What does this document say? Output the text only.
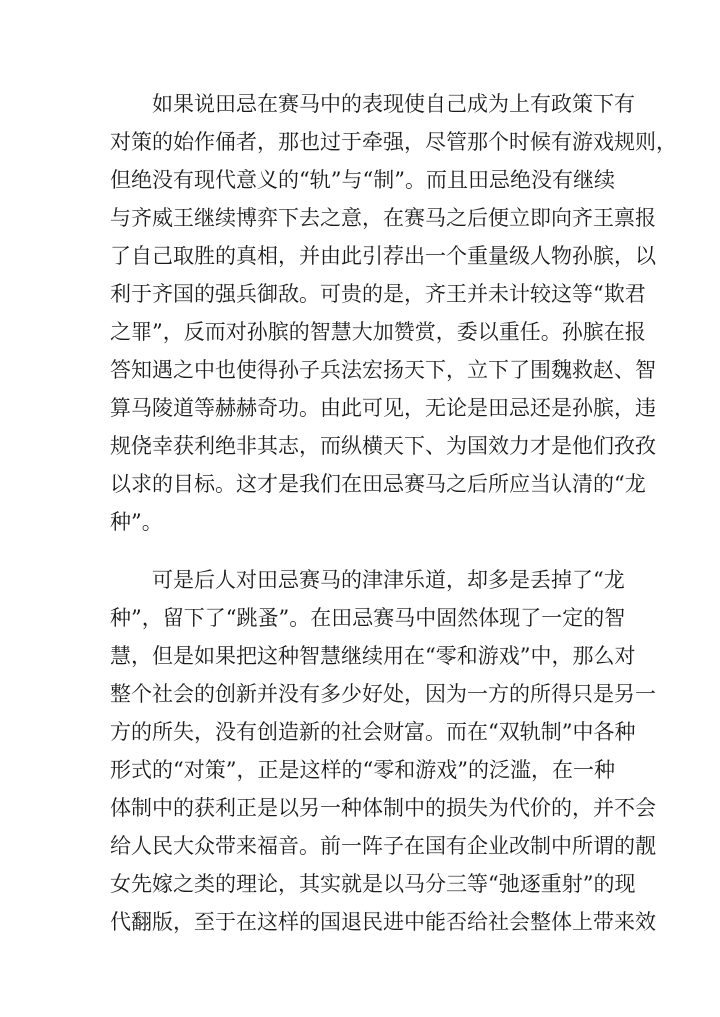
如果说田忌在赛马中的表现使自己成为上有政策下有
对策的始作俑者，那也过于牵强，尽管那个时候有游戏规则，
但绝没有现代意义的“轨”与“制”。而且田忌绝没有继续
与齐威王继续博弈下去之意，在赛马之后便立即向齐王禀报
了自己取胜的真相，并由此引荐出一个重量级人物孙膑，以
利于齐国的强兵御敌。可贵的是，齐王并未计较这等“欺君
之罪”，反而对孙膑的智慧大加赞赏，委以重任。孙膑在报
答知遇之中也使得孙子兵法宏扬天下，立下了围魏救赵、智
算马陵道等赫赫奇功。由此可见，无论是田忌还是孙膑，违
规侥幸获利绝非其志，而纵横天下、为国效力才是他们孜孜
以求的目标。这才是我们在田忌赛马之后所应当认清的“龙
种”。
可是后人对田忌赛马的津津乐道，却多是丢掉了“龙
种”，留下了“跳蚤”。在田忌赛马中固然体现了一定的智
慧，但是如果把这种智慧继续用在“零和游戏”中，那么对
整个社会的创新并没有多少好处，因为一方的所得只是另一
方的所失，没有创造新的社会财富。而在“双轨制”中各种
形式的“对策”，正是这样的“零和游戏”的泛滥，在一种
体制中的获利正是以另一种体制中的损失为代价的，并不会
给人民大众带来福音。前一阵子在国有企业改制中所谓的靓
女先嫁之类的理论，其实就是以马分三等“弛逐重射”的现
代翻版，至于在这样的国退民进中能否给社会整体上带来效
